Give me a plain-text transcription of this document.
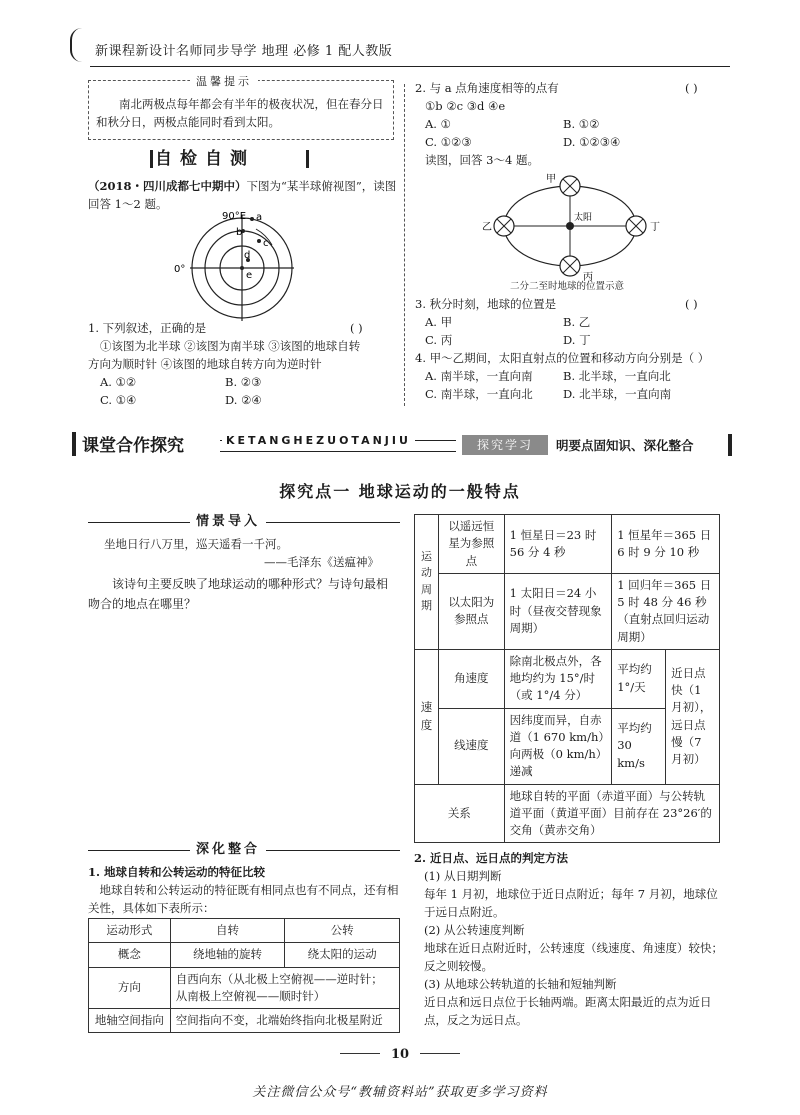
新课程新设计名师同步导学 地理 必修 1 配人教版
温馨提示
南北两极点每年都会有半年的极夜状况，但在春分日和秋分日，两极点能同时看到太阳。
自检自测
（2018・四川成都七中期中）下图为“某半球俯视图”，读图回答 1～2 题。
90°E
0°
a
b
c
d
e
1. 下列叙述，正确的是	( )
①该图为北半球 ②该图为南半球 ③该图的地球自转
方向为顺时针 ④该图的地球自转方向为逆时针
A. ①②	B. ②③
C. ①④	D. ②④
2. 与 a 点角速度相等的点有	( )
①b ②c ③d ④e
A. ①	B. ①②
C. ①②③	D. ①②③④
读图，回答 3～4 题。
甲
乙
丙
丁
太阳
二分二至时地球的位置示意
3. 秋分时刻，地球的位置是	( )
A. 甲	B. 乙
C. 丙	D. 丁
4. 甲～乙期间，太阳直射点的位置和移动方向分别是（ ）
A. 南半球，一直向南	B. 北半球，一直向北
C. 南半球，一直向北	D. 北半球，一直向南
课堂合作探究	KETANGHEZUOTANJIU	探究学习	明要点固知识、深化整合
探究点一 地球运动的一般特点
情景导入
坐地日行八万里，巡天遥看一千河。
——毛泽东《送瘟神》
该诗句主要反映了地球运动的哪种形式？与诗句最相吻合的地点在哪里？
运动周期	以遥远恒星为参照点	1 恒星日＝23 时 56 分 4 秒	1 恒星年＝365 日 6 时 9 分 10 秒	
	以太阳为参照点	1 太阳日＝24 小时（昼夜交替现象周期）	1 回归年＝365 日 5 时 48 分 46 秒（直射点回归运动周期）	
速度	角速度	除南北极点外，各地均约为 15°/时（或 1°/4 分）	平均约 1°/天	近日点快（1 月初），远日点慢（7 月初）
	线速度	因纬度而异，自赤道（1 670 km/h）向两极（0 km/h）递减	平均约 30 km/s	
关系		地球自转的平面（赤道平面）与公转轨道平面（黄道平面）目前存在 23°26′的交角（黄赤交角）		
深化整合
1. 地球自转和公转运动的特征比较
地球自转和公转运动的特征既有相同点也有不同点，还有相关性，具体如下表所示：
运动形式	自转	公转
概念	绕地轴的旋转	绕太阳的运动
方向	自西向东（从北极上空俯视——逆时针；从南极上空俯视——顺时针）	
地轴空间指向	空间指向不变，北端始终指向北极星附近	
2. 近日点、远日点的判定方法
(1) 从日期判断
每年 1 月初，地球位于近日点附近；每年 7 月初，地球位于远日点附近。
(2) 从公转速度判断
地球在近日点附近时，公转速度（线速度、角速度）较快；反之则较慢。
(3) 从地球公转轨道的长轴和短轴判断
近日点和远日点位于长轴两端。距离太阳最近的点为近日点，反之为远日点。
10
关注微信公众号“教辅资料站”获取更多学习资料
